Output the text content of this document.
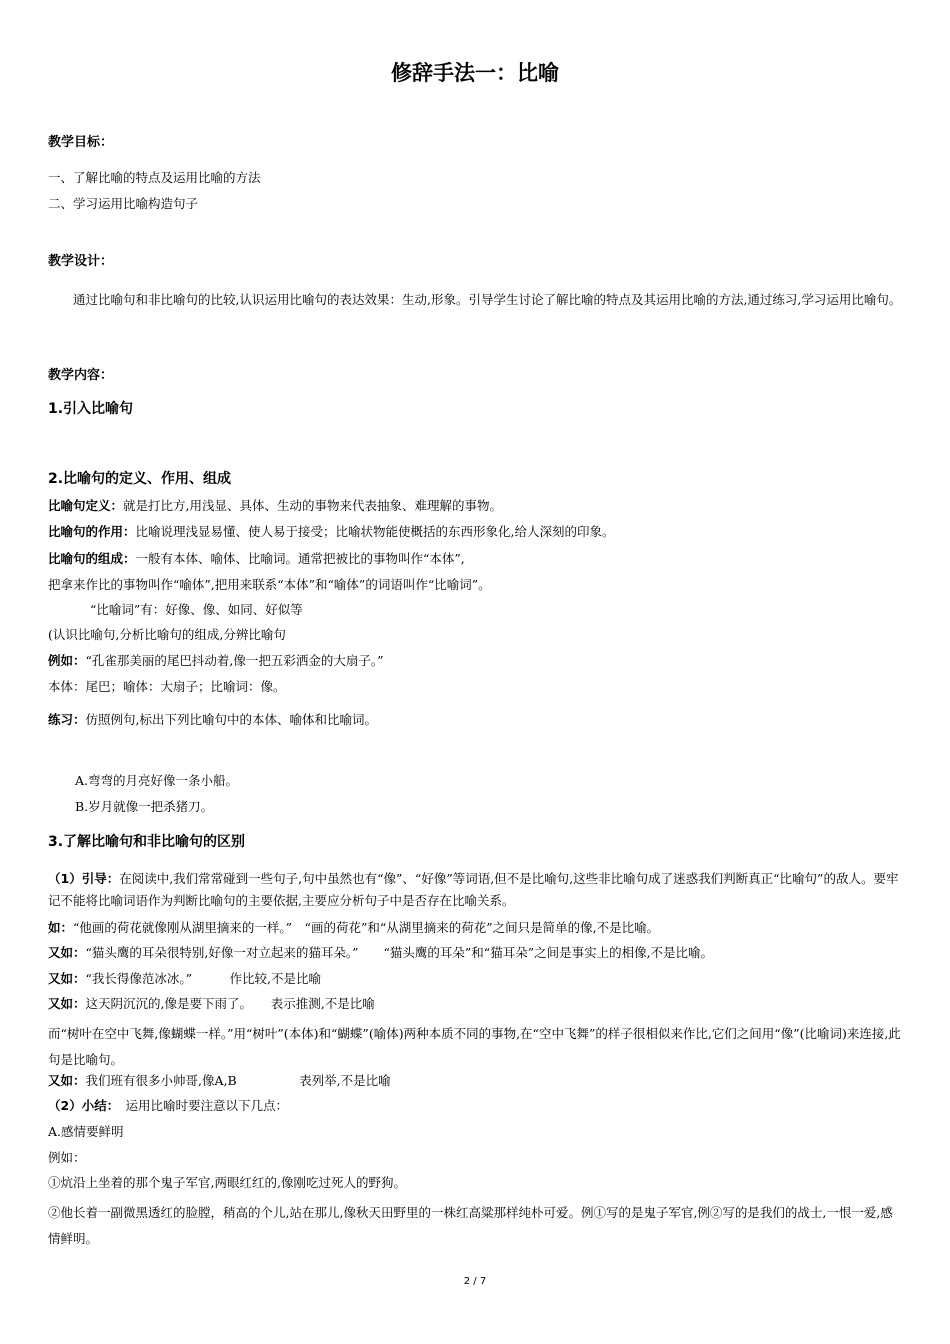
修辞手法一：比喻
教学目标：
一、了解比喻的特点及运用比喻的方法
二、学习运用比喻构造句子
教学设计：
通过比喻句和非比喻句的比较,认识运用比喻句的表达效果：生动,形象。引导学生讨论了解比喻的特点及其运用比喻的方法,通过练习,学习运用比喻句。
教学内容：
1.引入比喻句
2.比喻句的定义、作用、组成
比喻句定义：就是打比方,用浅显、具体、生动的事物来代表抽象、难理解的事物。
比喻句的作用：比喻说理浅显易懂、使人易于接受；比喻状物能使概括的东西形象化,给人深刻的印象。
比喻句的组成：一般有本体、喻体、比喻词。通常把被比的事物叫作“本体”,
把拿来作比的事物叫作“喻体”,把用来联系“本体”和“喻体”的词语叫作“比喻词”。
“比喻词”有：好像、像、如同、好似等
(认识比喻句,分析比喻句的组成,分辨比喻句
例如：“孔雀那美丽的尾巴抖动着,像一把五彩洒金的大扇子。”
本体：尾巴；喻体：大扇子；比喻词：像。
练习：仿照例句,标出下列比喻句中的本体、喻体和比喻词。
A.弯弯的月亮好像一条小船。
B.岁月就像一把杀猪刀。
3.了解比喻句和非比喻句的区别
（1）引导：在阅读中,我们常常碰到一些句子,句中虽然也有“像”、“好像”等词语,但不是比喻句,这些非比喻句成了迷惑我们判断真正“比喻句”的敌人。要牢记不能将比喻词语作为判断比喻句的主要依据,主要应分析句子中是否存在比喻关系。
如：“他画的荷花就像刚从湖里摘来的一样。”　“画的荷花”和“从湖里摘来的荷花”之间只是简单的像,不是比喻。
又如：“猫头鹰的耳朵很特别,好像一对立起来的猫耳朵。”　　“猫头鹰的耳朵”和“猫耳朵”之间是事实上的相像,不是比喻。
又如：“我长得像范冰冰。”　　　作比较,不是比喻
又如：这天阴沉沉的,像是要下雨了。　　表示推测,不是比喻
而“树叶在空中飞舞,像蝴蝶一样。”用“树叶”(本体)和“蝴蝶”(喻体)两种本质不同的事物,在“空中飞舞”的样子很相似来作比,它们之间用“像”(比喻词)来连接,此句是比喻句。
又如：我们班有很多小帅哥,像A,B　　　　　表列举,不是比喻
（2）小结：　运用比喻时要注意以下几点：
A.感情要鲜明
例如：
①炕沿上坐着的那个鬼子军官,两眼红红的,像刚吃过死人的野狗。
②他长着一副微黑透红的脸膛，稍高的个儿,站在那儿,像秋天田野里的一株红高粱那样纯朴可爱。例①写的是鬼子军官,例②写的是我们的战士,一恨一爱,感情鲜明。
2 / 7
